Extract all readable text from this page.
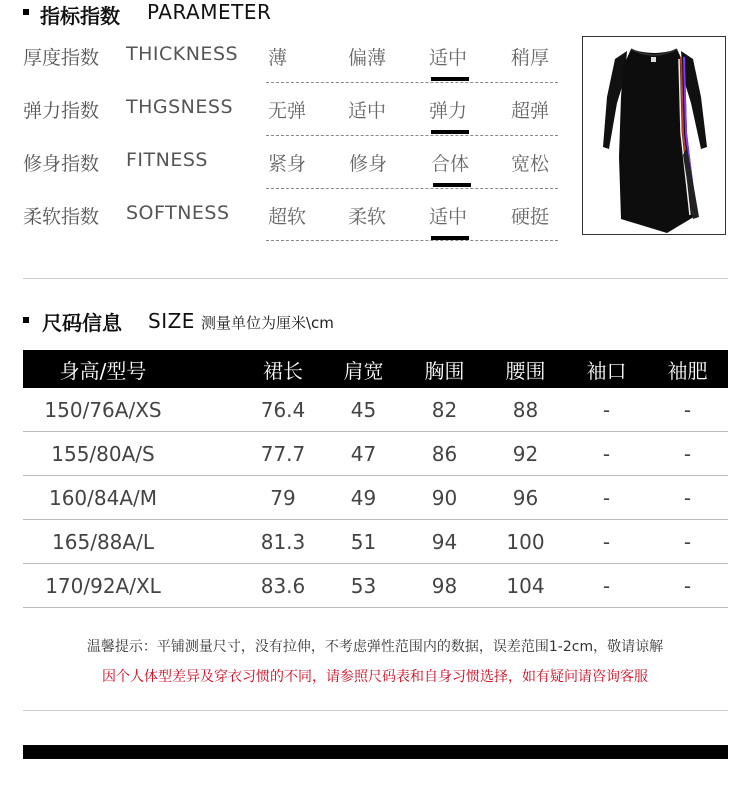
指标指数 PARAMETER
厚度指数 THICKNESS 薄	偏薄 适中 稍厚
弹力指数 THGSNESS 无弹 适中 弹力 超弹
修身指数 FITNESS	紧身 修身 合体 宽松
柔软指数 SOFTNESS 超软 柔软 适中 硬挺
尺码信息 SIZE 测量单位为厘米\cm
身高/型号	裙长	肩宽	胸围	腰围	袖口	袖肥
150/76A/XS	76.4	45	82	88	-	-
155/80A/S	77.7	47	86	92	-	-
160/84A/M	79	49	90	96	-	-
165/88A/L	81.3	51	94	100	-	-
170/92A/XL	83.6	53	98	104	-	-
温馨提示：平铺测量尺寸，没有拉伸，不考虑弹性范围内的数据，误差范围1-2cm，敬请谅解
因个人体型差异及穿衣习惯的不同，请参照尺码表和自身习惯选择，如有疑问请咨询客服
